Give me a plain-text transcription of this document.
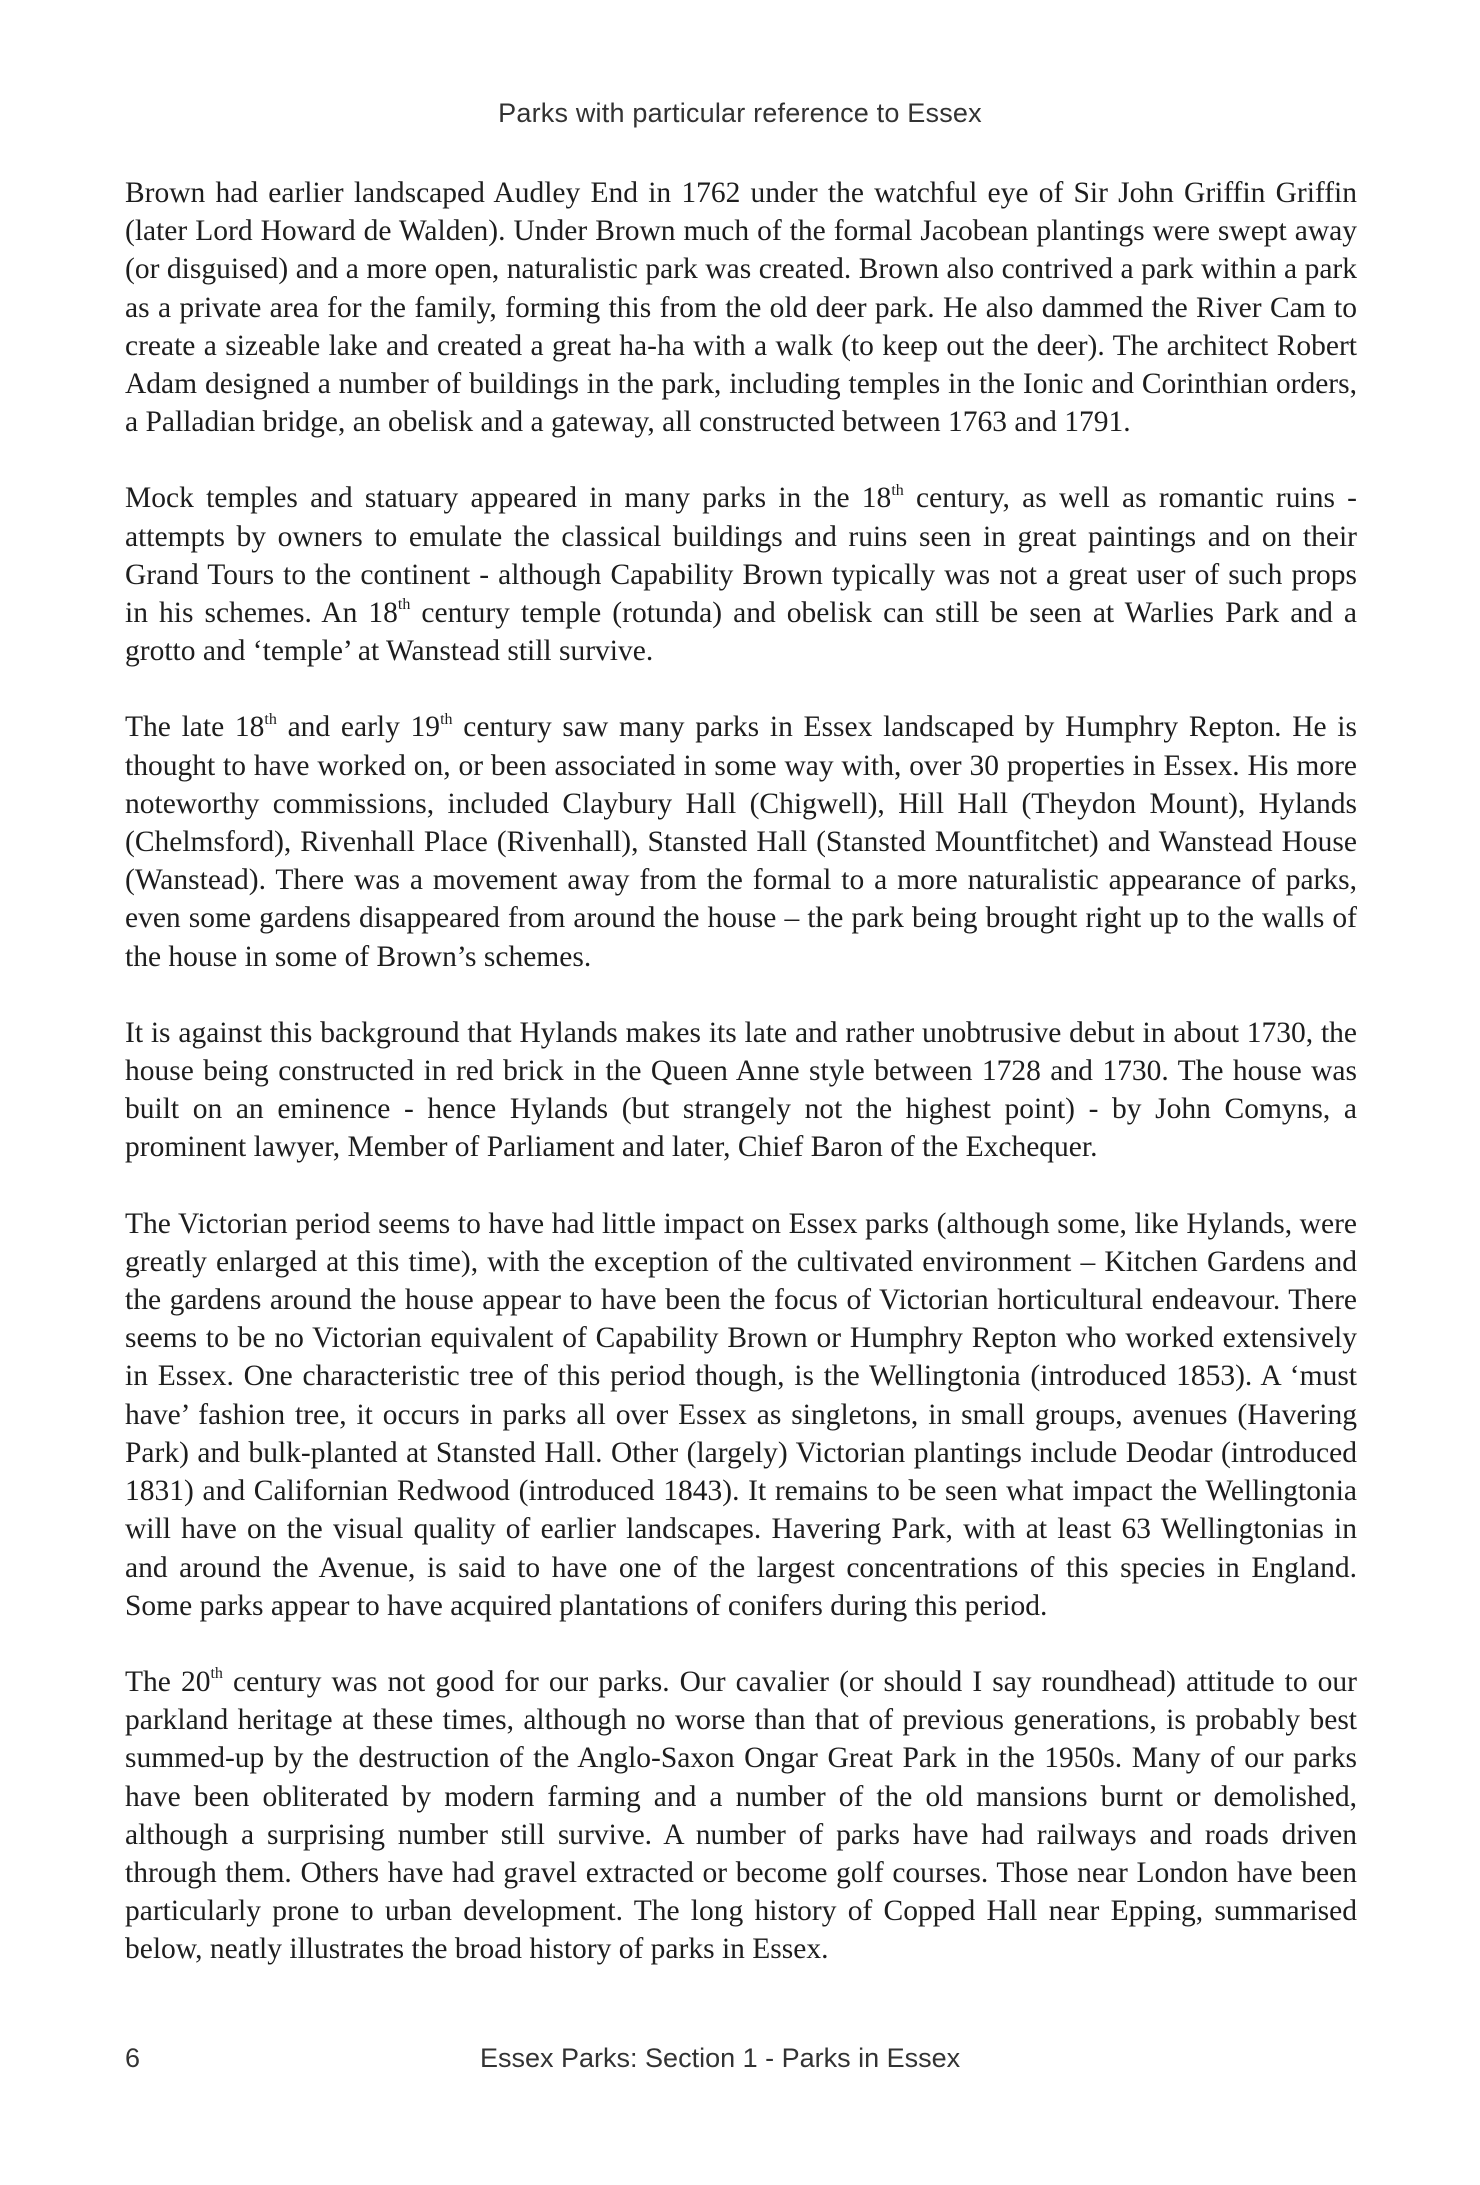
Parks with particular reference to Essex

Brown had earlier landscaped Audley End in 1762 under the watchful eye of Sir John Griffin Griffin (later Lord Howard de Walden). Under Brown much of the formal Jacobean plantings were swept away (or disguised) and a more open, naturalistic park was created. Brown also contrived a park within a park as a private area for the family, forming this from the old deer park. He also dammed the River Cam to create a sizeable lake and created a great ha-ha with a walk (to keep out the deer). The architect Robert Adam designed a number of buildings in the park, including temples in the Ionic and Corinthian orders, a Palladian bridge, an obelisk and a gateway, all constructed between 1763 and 1791.

Mock temples and statuary appeared in many parks in the 18th century, as well as romantic ruins - attempts by owners to emulate the classical buildings and ruins seen in great paintings and on their Grand Tours to the continent - although Capability Brown typically was not a great user of such props in his schemes. An 18th century temple (rotunda) and obelisk can still be seen at Warlies Park and a grotto and ‘temple’ at Wanstead still survive.

The late 18th and early 19th century saw many parks in Essex landscaped by Humphry Repton. He is thought to have worked on, or been associated in some way with, over 30 properties in Essex. His more noteworthy commissions, included Claybury Hall (Chigwell), Hill Hall (Theydon Mount), Hylands (Chelmsford), Rivenhall Place (Rivenhall), Stansted Hall (Stansted Mountfitchet) and Wanstead House (Wanstead). There was a movement away from the formal to a more naturalistic appearance of parks, even some gardens disappeared from around the house – the park being brought right up to the walls of the house in some of Brown’s schemes.

It is against this background that Hylands makes its late and rather unobtrusive debut in about 1730, the house being constructed in red brick in the Queen Anne style between 1728 and 1730. The house was built on an eminence - hence Hylands (but strangely not the highest point) - by John Comyns, a prominent lawyer, Member of Parliament and later, Chief Baron of the Exchequer.

The Victorian period seems to have had little impact on Essex parks (although some, like Hylands, were greatly enlarged at this time), with the exception of the cultivated environment – Kitchen Gardens and the gardens around the house appear to have been the focus of Victorian horticultural endeavour. There seems to be no Victorian equivalent of Capability Brown or Humphry Repton who worked extensively in Essex. One characteristic tree of this period though, is the Wellingtonia (introduced 1853). A ‘must have’ fashion tree, it occurs in parks all over Essex as singletons, in small groups, avenues (Havering Park) and bulk-planted at Stansted Hall. Other (largely) Victorian plantings include Deodar (introduced 1831) and Californian Redwood (introduced 1843). It remains to be seen what impact the Wellingtonia will have on the visual quality of earlier landscapes. Havering Park, with at least 63 Wellingtonias in and around the Avenue, is said to have one of the largest concentrations of this species in England. Some parks appear to have acquired plantations of conifers during this period.

The 20th century was not good for our parks. Our cavalier (or should I say roundhead) attitude to our parkland heritage at these times, although no worse than that of previous generations, is probably best summed-up by the destruction of the Anglo-Saxon Ongar Great Park in the 1950s. Many of our parks have been obliterated by modern farming and a number of the old mansions burnt or demolished, although a surprising number still survive. A number of parks have had railways and roads driven through them. Others have had gravel extracted or become golf courses. Those near London have been particularly prone to urban development. The long history of Copped Hall near Epping, summarised below, neatly illustrates the broad history of parks in Essex.

6	Essex Parks: Section 1 - Parks in Essex
